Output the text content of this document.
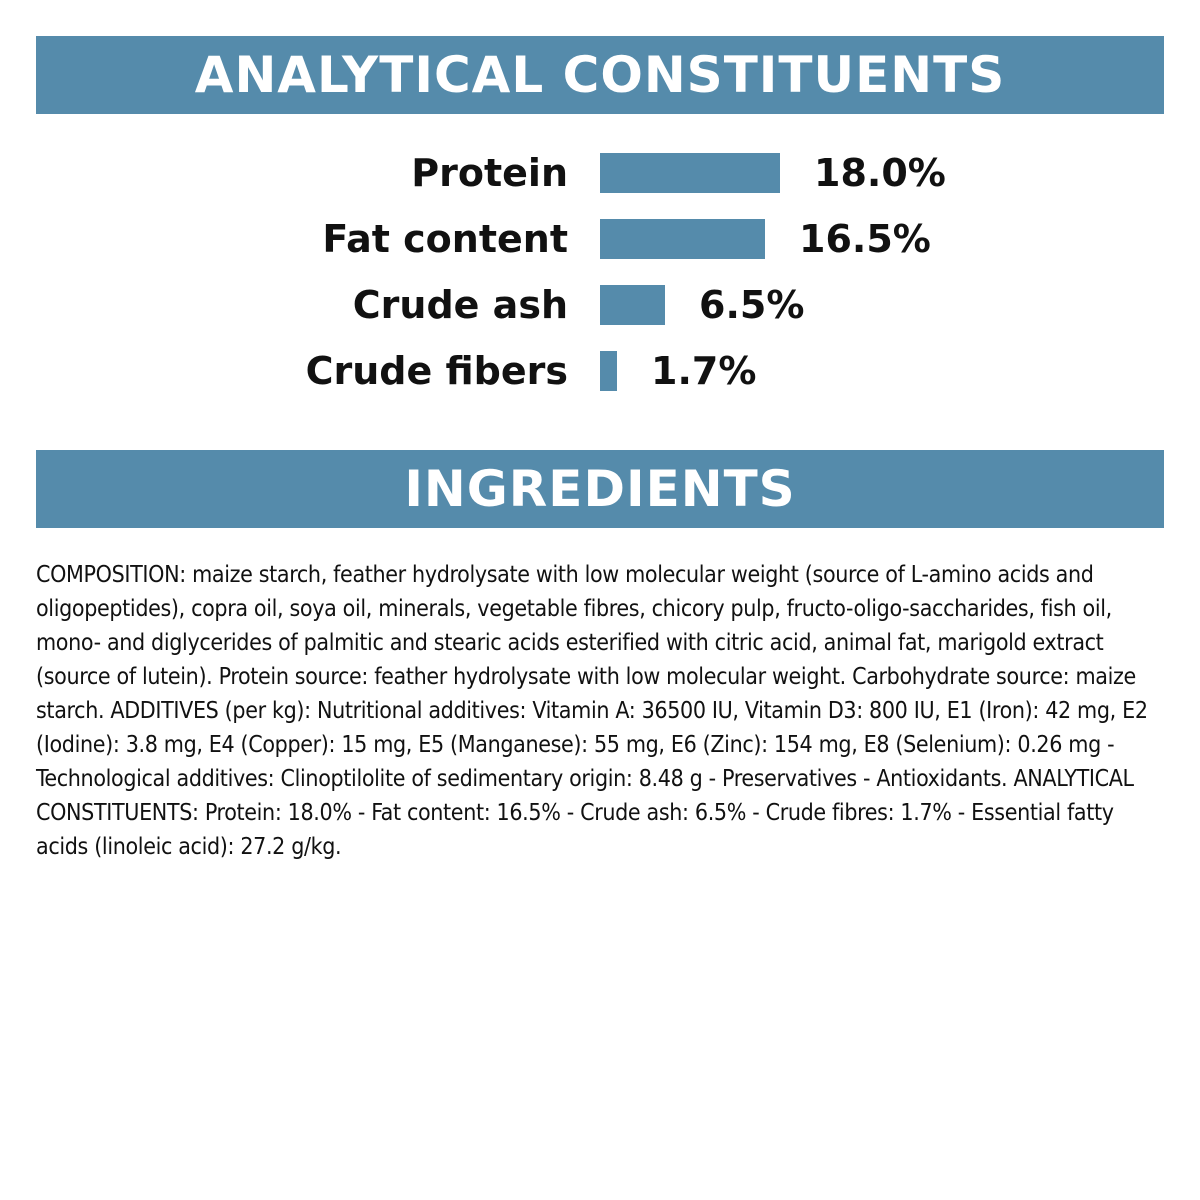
ANALYTICAL CONSTITUENTS
Protein	18.0%
Fat content	16.5%
Crude ash	6.5%
Crude fibers 1.7%
INGREDIENTS

COMPOSITION: maize starch, feather hydrolysate with low molecular weight (source of L-amino acids and oligopeptides), copra oil, soya oil, minerals, vegetable fibres, chicory pulp, fructo-oligo-saccharides, fish oil, mono- and diglycerides of palmitic and stearic acids esterified with citric acid, animal fat, marigold extract (source of lutein). Protein source: feather hydrolysate with low molecular weight. Carbohydrate source: maize starch. ADDITIVES (per kg): Nutritional additives: Vitamin A: 36500 IU, Vitamin D3: 800 IU, E1 (Iron): 42 mg, E2 (Iodine): 3.8 mg, E4 (Copper): 15 mg, E5 (Manganese): 55 mg, E6 (Zinc): 154 mg, E8 (Selenium): 0.26 mg - Technological additives: Clinoptilolite of sedimentary origin: 8.48 g - Preservatives - Antioxidants. ANALYTICAL CONSTITUENTS: Protein: 18.0% - Fat content: 16.5% - Crude ash: 6.5% - Crude fibres: 1.7% - Essential fatty acids (linoleic acid): 27.2 g/kg.
